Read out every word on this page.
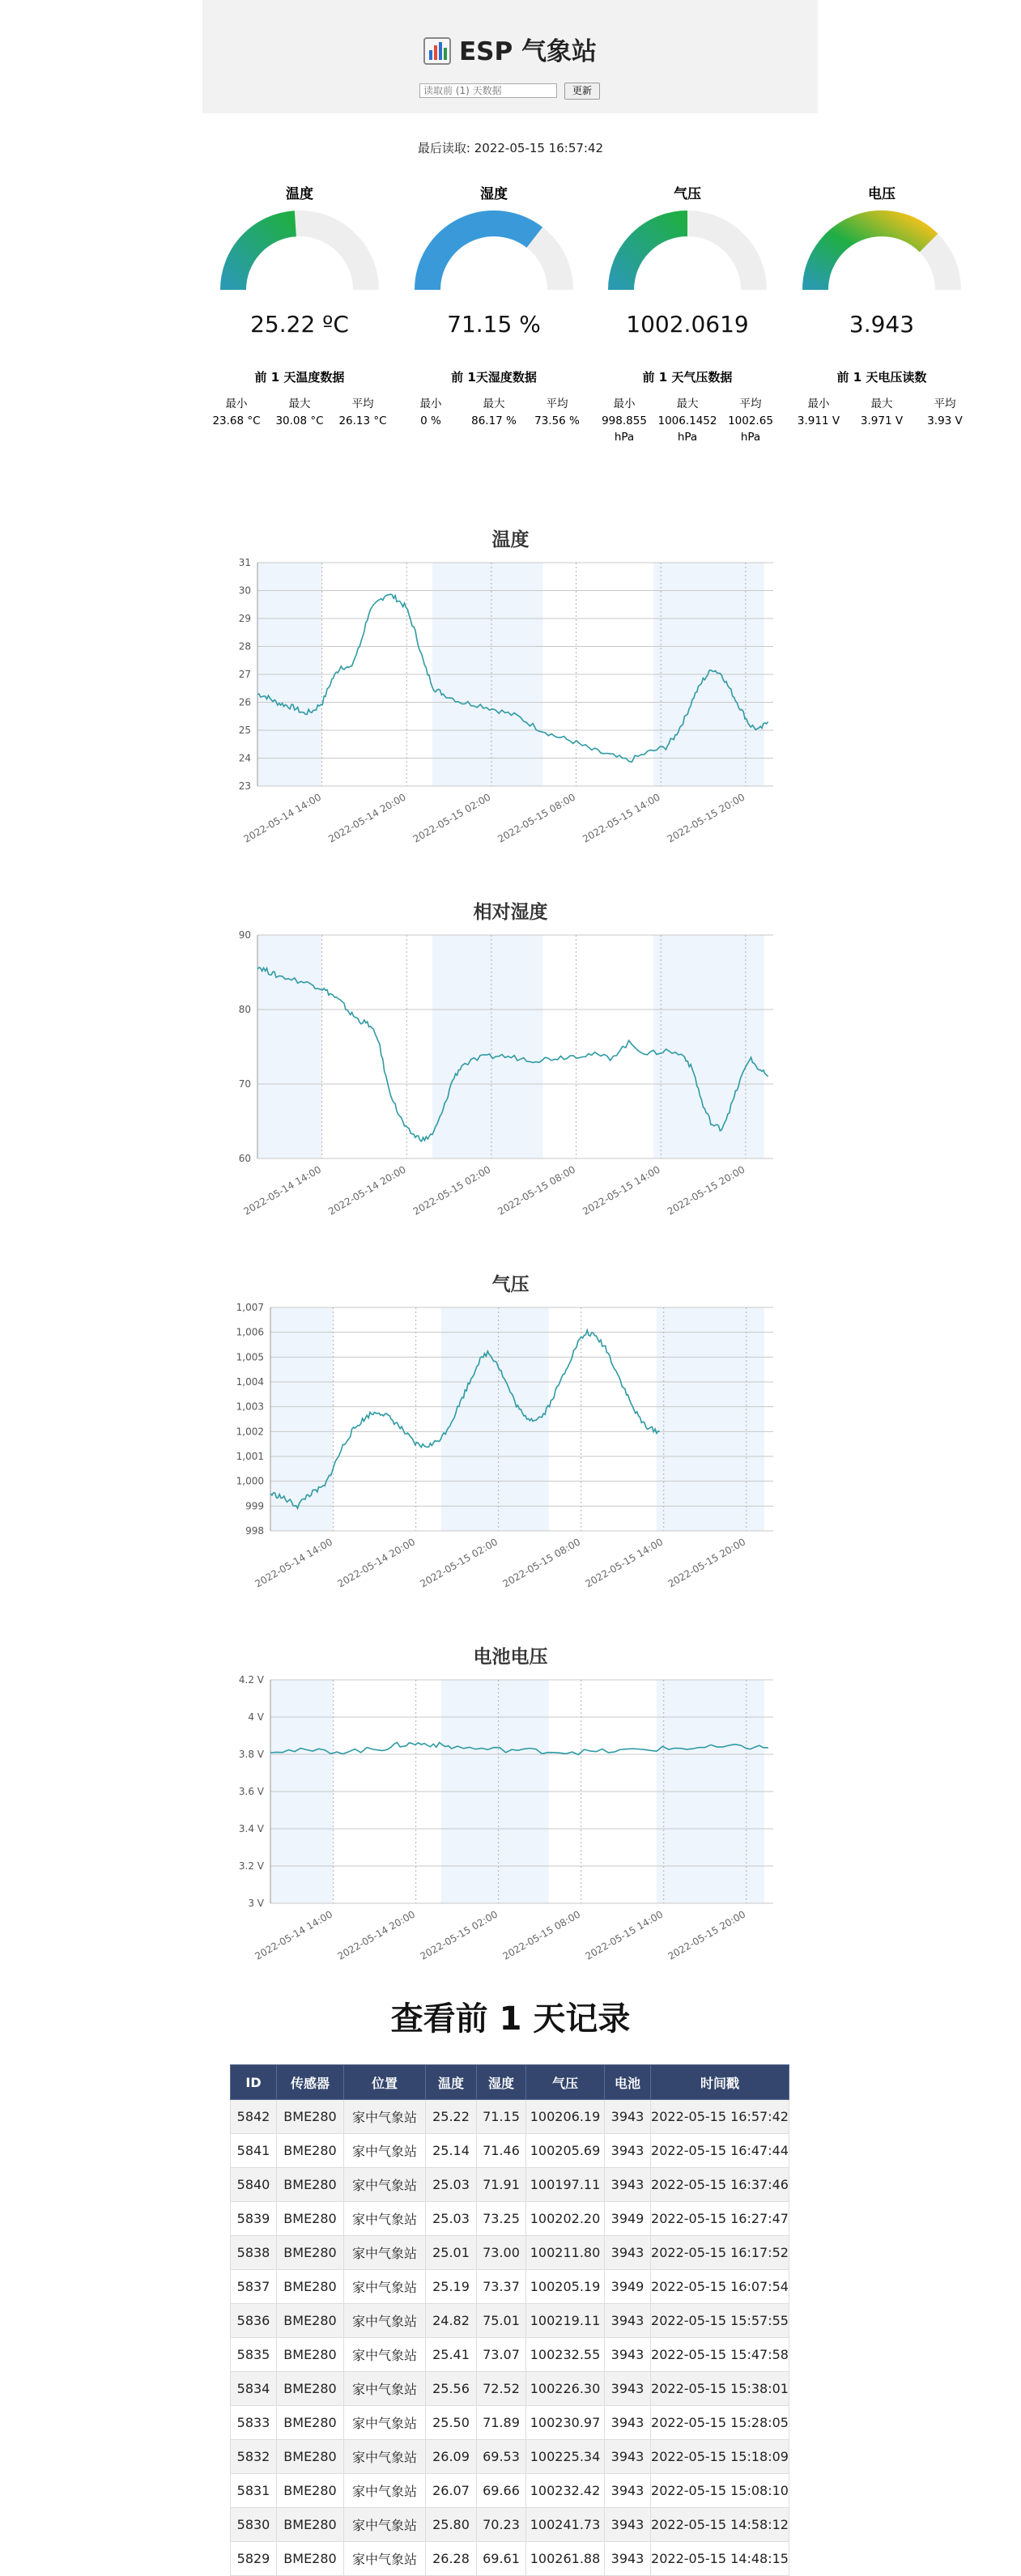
ESP 气象站
读取前 (1) 天数据
更新
最后读取: 2022-05-15 16:57:42
温度
25.22 ºC
前 1 天温度数据
最小
23.68 °C
最大
30.08 °C
平均
26.13 °C
湿度
71.15 %
前 1天湿度数据
最小
0 %
最大
86.17 %
平均
73.56 %
气压
1002.0619
前 1 天气压数据
最小
998.855 hPa
最大
1006.1452 hPa
平均
1002.65 hPa
电压
3.943
前 1 天电压读数
最小
3.911 V
最大
3.971 V
平均
3.93 V
温度
23
24
25
26
27
28
29
30
31
2022-05-14 14:00 2022-05-14 20:00 2022-05-15 02:00 2022-05-15 08:00 2022-05-15 14:00 2022-05-15 20:00
相对湿度
60
70
80
90
2022-05-14 14:00 2022-05-14 20:00 2022-05-15 02:00 2022-05-15 08:00 2022-05-15 14:00 2022-05-15 20:00
气压
998
999
1,000
1,001
1,002
1,003
1,004
1,005
1,006
1,007
2022-05-14 14:00 2022-05-14 20:00 2022-05-15 02:00 2022-05-15 08:00 2022-05-15 14:00 2022-05-15 20:00
电池电压
3 V
3.2 V
3.4 V
3.6 V
3.8 V
4 V
4.2 V
2022-05-14 14:00 2022-05-14 20:00 2022-05-15 02:00 2022-05-15 08:00 2022-05-15 14:00 2022-05-15 20:00
查看前 1 天记录
ID	传感器	位置	温度	湿度	气压	电池	时间戳
5842	BME280	家中气象站	25.22	71.15	100206.19	3943	2022-05-15 16:57:42
5841	BME280	家中气象站	25.14	71.46	100205.69	3943	2022-05-15 16:47:44
5840	BME280	家中气象站	25.03	71.91	100197.11	3943	2022-05-15 16:37:46
5839	BME280	家中气象站	25.03	73.25	100202.20	3949	2022-05-15 16:27:47
5838	BME280	家中气象站	25.01	73.00	100211.80	3943	2022-05-15 16:17:52
5837	BME280	家中气象站	25.19	73.37	100205.19	3949	2022-05-15 16:07:54
5836	BME280	家中气象站	24.82	75.01	100219.11	3943	2022-05-15 15:57:55
5835	BME280	家中气象站	25.41	73.07	100232.55	3943	2022-05-15 15:47:58
5834	BME280	家中气象站	25.56	72.52	100226.30	3943	2022-05-15 15:38:01
5833	BME280	家中气象站	25.50	71.89	100230.97	3943	2022-05-15 15:28:05
5832	BME280	家中气象站	26.09	69.53	100225.34	3943	2022-05-15 15:18:09
5831	BME280	家中气象站	26.07	69.66	100232.42	3943	2022-05-15 15:08:10
5830	BME280	家中气象站	25.80	70.23	100241.73	3943	2022-05-15 14:58:12
5829	BME280	家中气象站	26.28	69.61	100261.88	3943	2022-05-15 14:48:15
